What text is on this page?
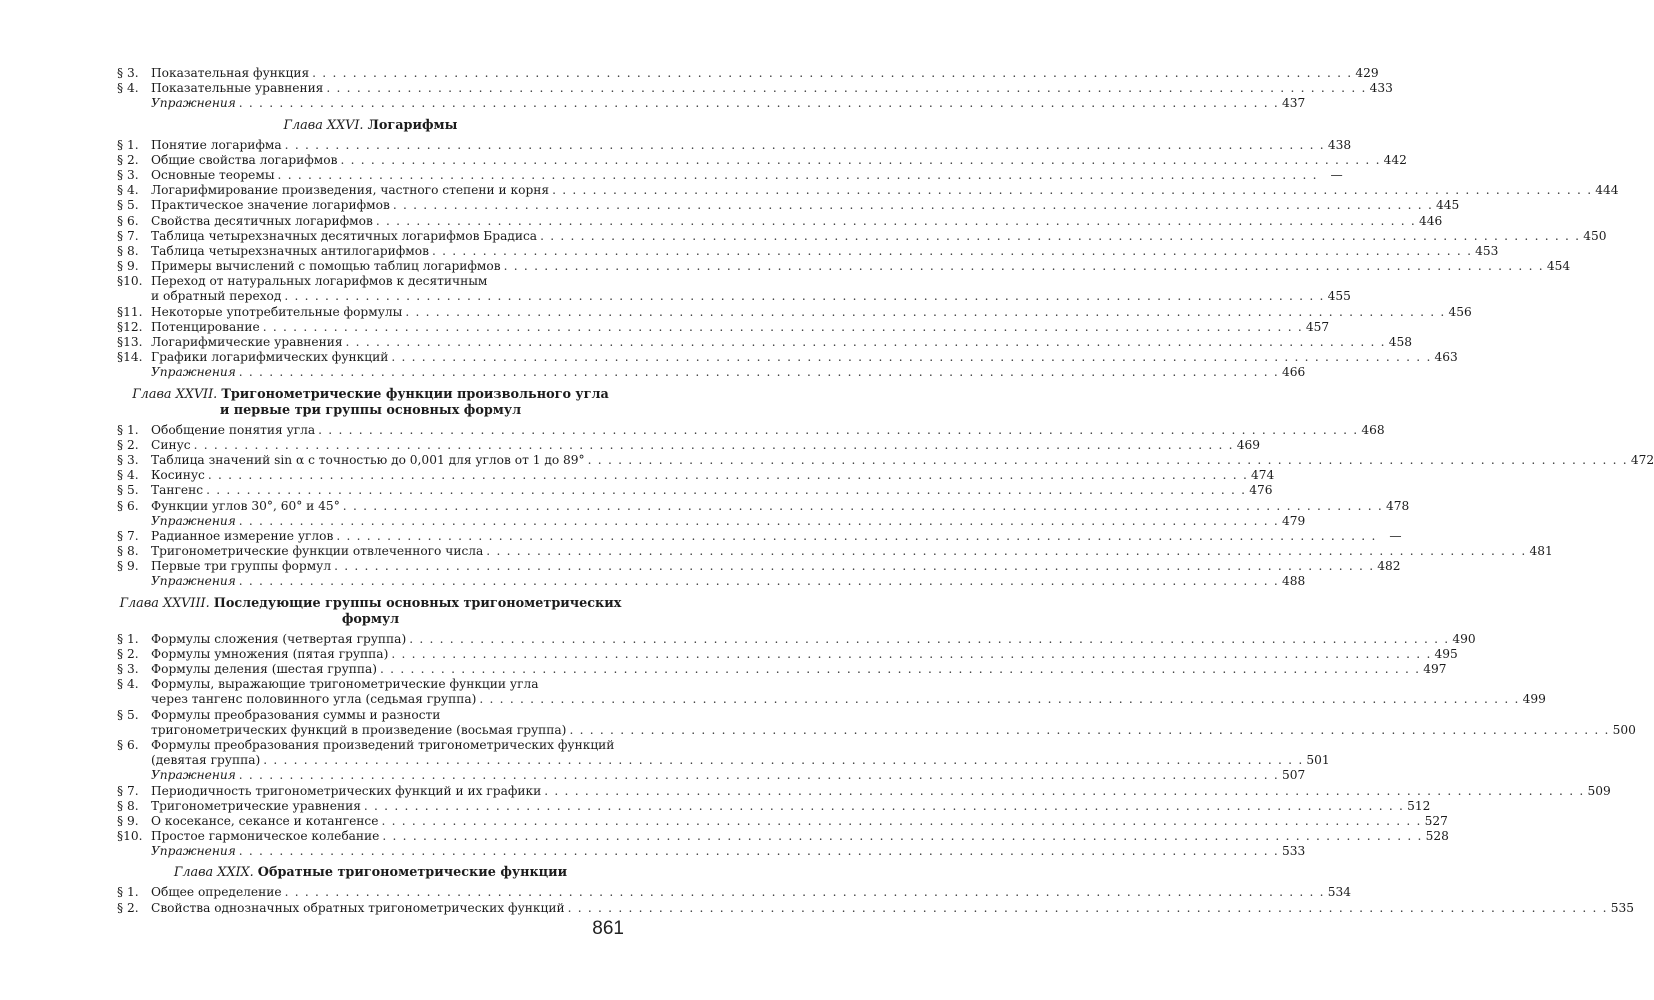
§ 3.	Показательная функция . . .	429
§ 4.	Показательные уравнения . . .	433
Упражнения . . .	437
Глава XXVI. Логарифмы
§ 1.	Понятие логарифма . . .	438
§ 2.	Общие свойства логарифмов . . .	442
§ 3.	Основные теоремы . . .	—
§ 4.	Логарифмирование произведения, частного степени и корня . . .	444
§ 5.	Практическое значение логарифмов . . .	445
§ 6.	Свойства десятичных логарифмов . . .	446
§ 7.	Таблица четырехзначных десятичных логарифмов Брадиса . . .	450
§ 8.	Таблица четырехзначных антилогарифмов . . .	453
§ 9.	Примеры вычислений с помощью таблиц логарифмов . . .	454
§10. Переход от натуральных логарифмов к десятичным
и обратный переход . . .	455
§11. Некоторые употребительные формулы . . .	456
§12. Потенцирование . . .	457
§13. Логарифмические уравнения . . .	458
§14. Графики логарифмических функций . . .	463
Упражнения . . .	466
Глава XXVII. Тригонометрические функции произвольного угла
и первые три группы основных формул
§ 1.	Обобщение понятия угла . . .	468
§ 2.	Синус . . .	469
§ 3.	Таблица значений sin α с точностью до 0,001 для углов от 1 до 89° . . .	472
§ 4.	Косинус . . .	474
§ 5.	Тангенс . . .	476
§ 6.	Функции углов 30°, 60° и 45° . . .	478
Упражнения . . .	479
§ 7.	Радианное измерение углов . . .	—
§ 8.	Тригонометрические функции отвлеченного числа . . .	481
§ 9.	Первые три группы формул . . .	482
Упражнения . . .	488
Глава XXVIII. Последующие группы основных тригонометрических формул
§ 1.	Формулы сложения (четвертая группа) . . .	490
§ 2.	Формулы умножения (пятая группа) . . .	495
§ 3.	Формулы деления (шестая группа) . . .	497
§ 4.	Формулы, выражающие тригонометрические функции угла
через тангенс половинного угла (седьмая группа) . . .	499
§ 5.	Формулы преобразования суммы и разности
тригонометрических функций в произведение (восьмая группа) . . .	500
§ 6.	Формулы преобразования произведений тригонометрических функций
(девятая группа) . . .	501
Упражнения . . .	507
§ 7.	Периодичность тригонометрических функций и их графики . . .	509
§ 8.	Тригонометрические уравнения . . .	512
§ 9.	О косекансе, секансе и котангенсе . . .	527
§10. Простое гармоническое колебание . . .	528
Упражнения . . .	533
Глава XXIX. Обратные тригонометрические функции
§ 1.	Общее определение . . .	534
§ 2.	Свойства однозначных обратных тригонометрических функций . . .	535
861
